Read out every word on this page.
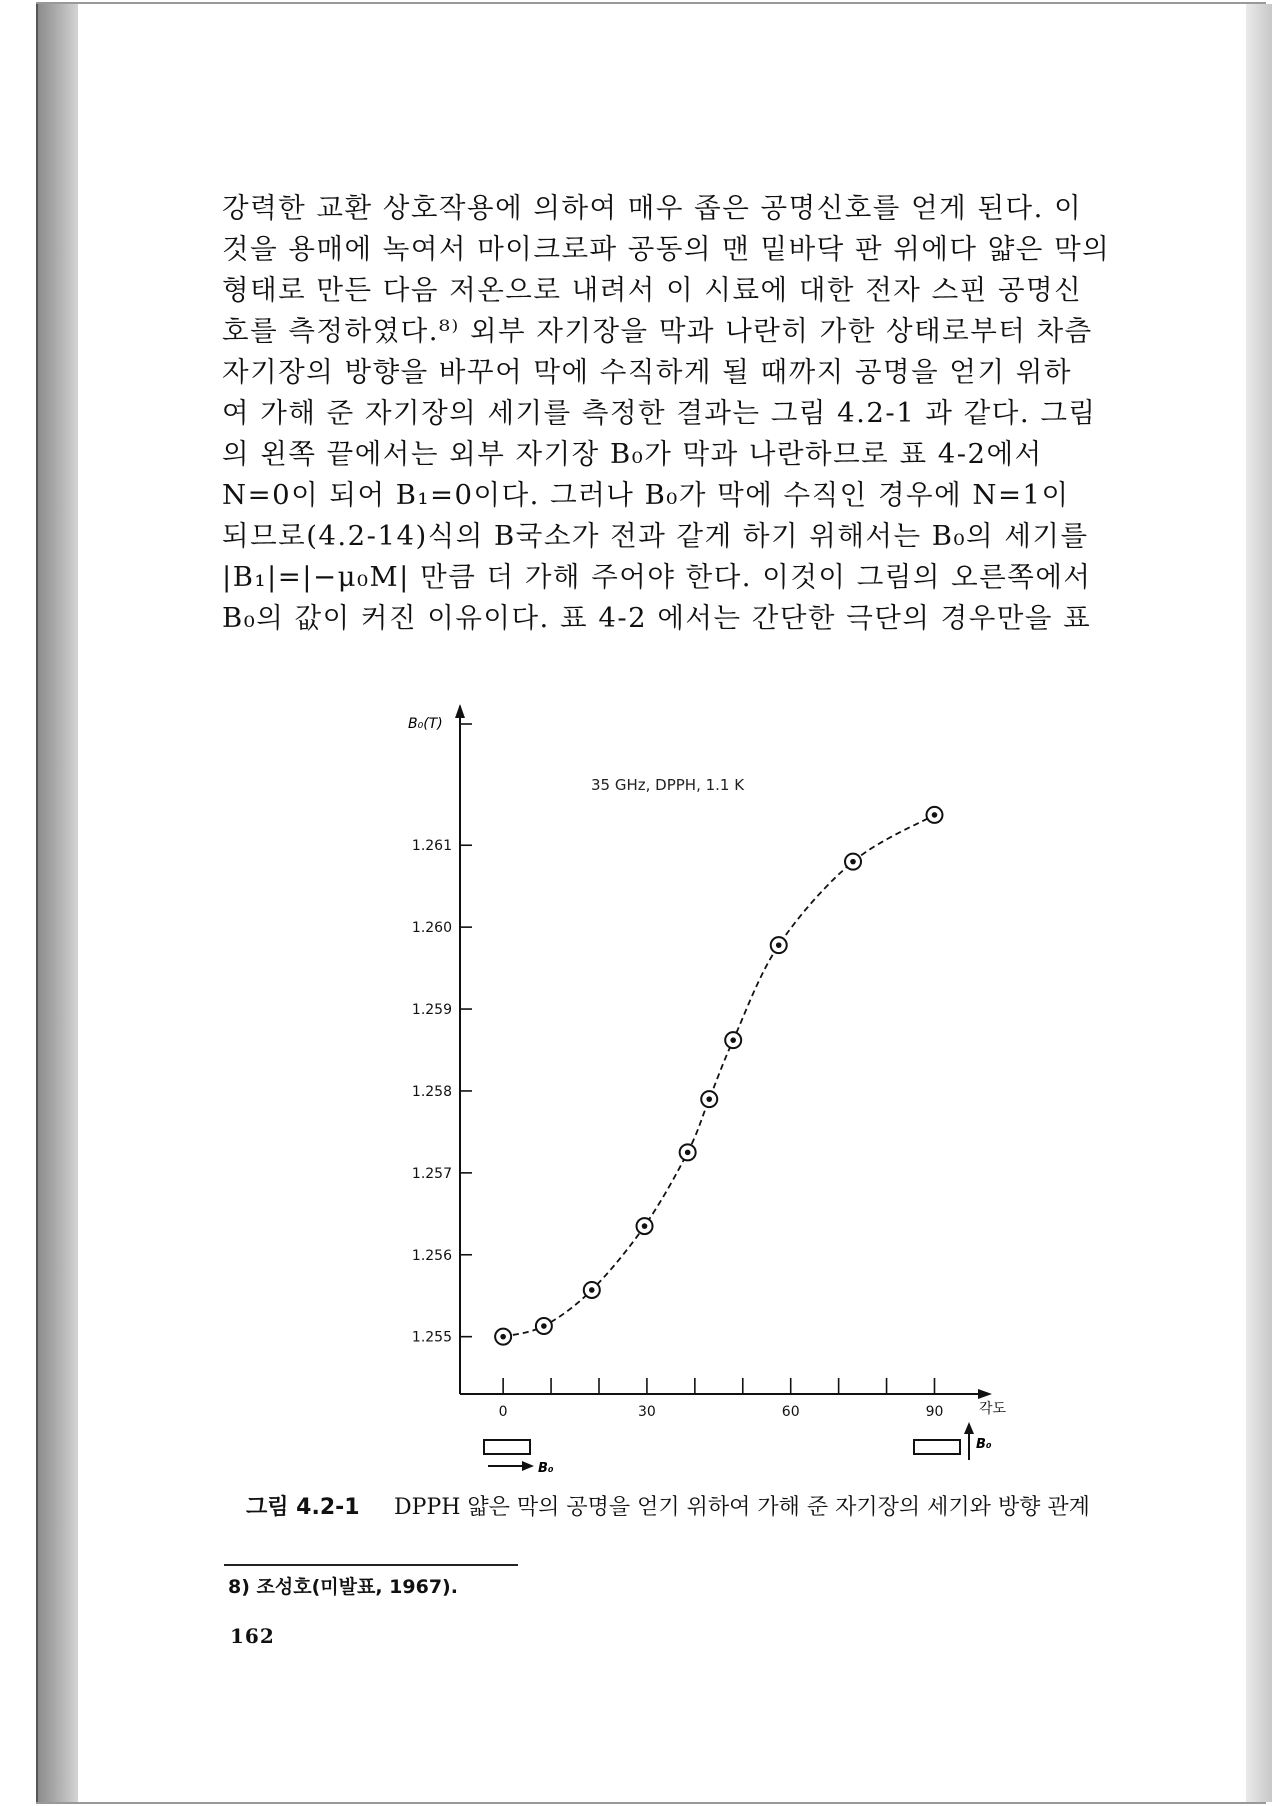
강력한 교환 상호작용에 의하여 매우 좁은 공명신호를 얻게 된다. 이
것을 용매에 녹여서 마이크로파 공동의 맨 밑바닥 판 위에다 얇은 막의
형태로 만든 다음 저온으로 내려서 이 시료에 대한 전자 스핀 공명신
호를 측정하였다.⁸⁾ 외부 자기장을 막과 나란히 가한 상태로부터 차츰
자기장의 방향을 바꾸어 막에 수직하게 될 때까지 공명을 얻기 위하
여 가해 준 자기장의 세기를 측정한 결과는 그림 4.2-1 과 같다. 그림
의 왼쪽 끝에서는 외부 자기장 B₀가 막과 나란하므로 표 4-2에서
N=0이 되어 B₁=0이다. 그러나 B₀가 막에 수직인 경우에 N=1이
되므로(4.2-14)식의 B국소가 전과 같게 하기 위해서는 B₀의 세기를
|B₁|=|−μ₀M| 만큼 더 가해 주어야 한다. 이것이 그림의 오른쪽에서
B₀의 값이 커진 이유이다. 표 4-2 에서는 간단한 극단의 경우만을 표

1.255
1.256
1.257
1.258
1.259
1.260
1.261
0	30	60	90
35 GHz, DPPH, 1.1 K
B₀(T)
각도
B₀
B₀
그림 4.2-1 DPPH 얇은 막의 공명을 얻기 위하여 가해 준 자기장의 세기와 방향 관계
8) 조성호(미발표, 1967).
162
